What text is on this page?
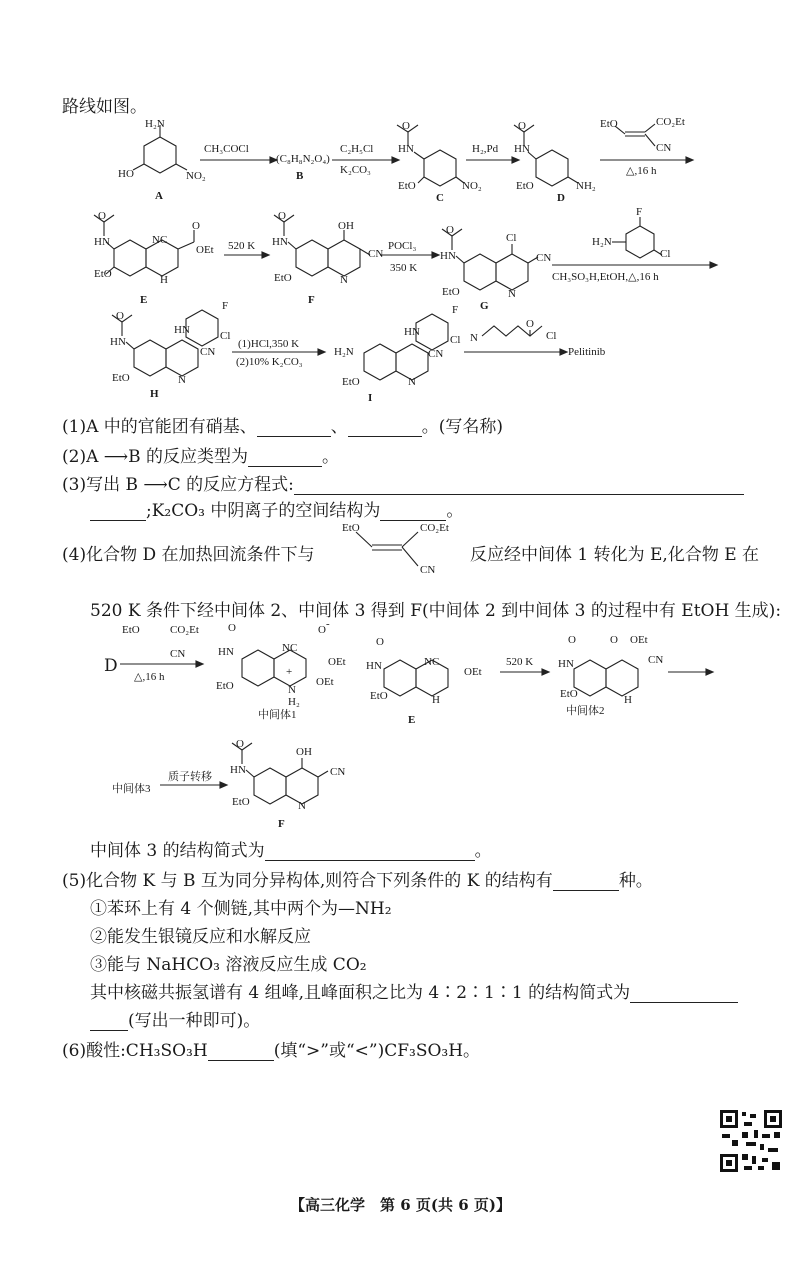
路线如图。
H₂N
HO	NO₂
A
CH₃COCl
(C₈H₈N₂O₄)
B
C₂H₅Cl
K₂CO₃
O
HN
EtO	NO₂
C
H₂,Pd
O
HN
EtO	NH₂
D
EtO	CO₂Et
CN
△,16 h
O
HN
EtO
NC
O
OEt
H
E
520 K
O
HN
EtO
OH
CN
N
F
POCl₃
350 K
O
HN
EtO
Cl
CN
N
G
F
Cl
H₂N
CH₃SO₃H,EtOH,△,16 h
O
HN
EtO
HN
F
Cl
CN
N
H
(1)HCl,350 K
(2)10% K₂CO₃
H₂N
EtO
HN
F
Cl
CN
N
I
N
O
Cl
Pelitinib
(1)A 中的官能团有硝基、	、	。(写名称)
(2)A ⟶B 的反应类型为	。
(3)写出 B ⟶C 的反应方程式:
;K₂CO₃ 中阴离子的空间结构为	。
(4)化合物 D 在加热回流条件下与
EtO	CO₂Et
CN
反应经中间体 1 转化为 E,化合物 E 在
520 K 条件下经中间体 2、中间体 3 得到 F(中间体 2 到中间体 3 的过程中有 EtOH 生成):
EtO	CO₂Et
CN
D
△,16 h
O
HN
EtO
NC
O -
OEt
OEt
+
N
H₂
中间体1
O
HN
EtO
NC
OEt
H
E
520 K
O
HN
EtO
O OEt
CN
H
中间体2
中间体3
质子转移
O
HN
EtO
OH
CN
N
F
中间体 3 的结构简式为	。
(5)化合物 K 与 B 互为同分异构体,则符合下列条件的 K 的结构有	种。
①苯环上有 4 个侧链,其中两个为—NH₂
②能发生银镜反应和水解反应
③能与 NaHCO₃ 溶液反应生成 CO₂
其中核磁共振氢谱有 4 组峰,且峰面积之比为 4∶2∶1∶1 的结构简式为
(写出一种即可)。
(6)酸性:CH₃SO₃H	(填“>”或“<”)CF₃SO₃H。
【高三化学　第 6 页(共 6 页)】
